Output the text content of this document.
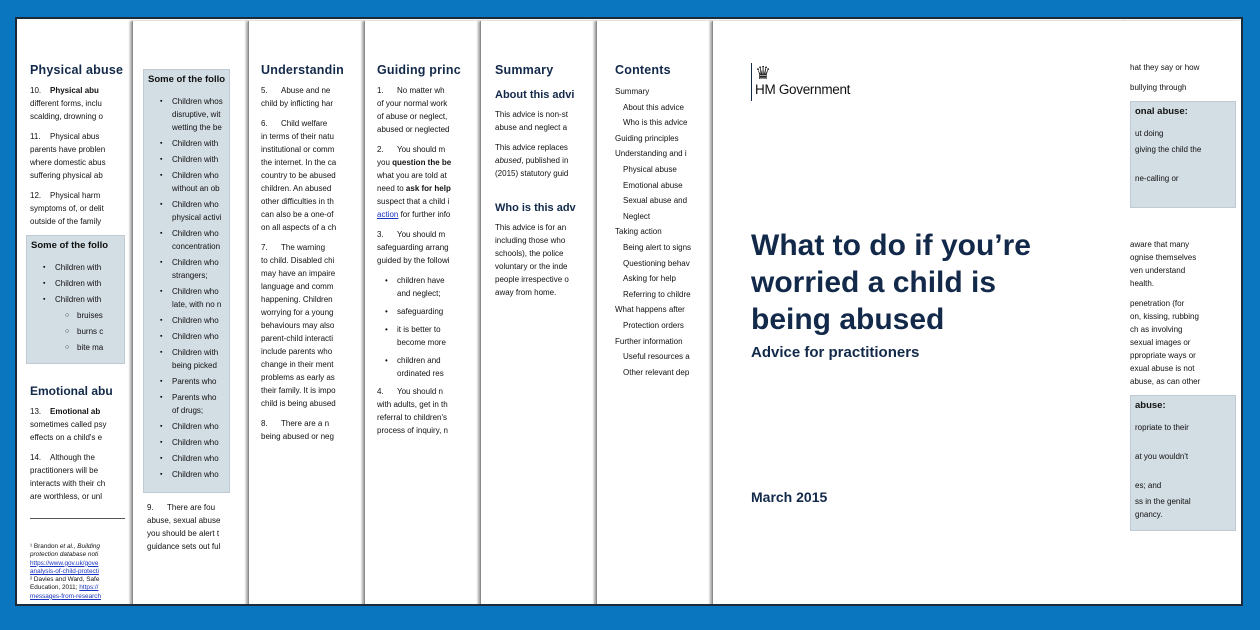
hat they say or how
bullying through
onal abuse:
ut doing
giving the child the

ne-calling or

aware that many
ognise themselves
ven understand
health.
penetration (for
on, kissing, rubbing
ch as involving
sexual images or
ppropriate ways or
exual abuse is not
abuse, as can other
abuse:
ropriate to their

at you wouldn't

es; and
ss in the genital
gnancy.
Physical abuse
10. Physical abu
different forms, inclu
scalding, drowning o
11. Physical abus
parents have problen
where domestic abus
suffering physical ab
12. Physical harm
symptoms of, or delit
outside of the family
Some of the follo
▪ Children with
▪ Children with
▪ Children with
○ bruises
○ burns c
○ bite ma
Emotional abu
13. Emotional ab
sometimes called psy
effects on a child's e
14. Although the
practitioners will be
interacts with their ch
are worthless, or unl
¹ Brandon et al., Building
protection database noti
https://www.gov.uk/gove
analysis-of-child-protecti
² Davies and Ward, Safe
Education, 2011; https://
messages-from-research
Some of the follo
▪ Children whos
disruptive, wit
wetting the be
▪ Children with
▪ Children with
▪ Children who
without an ob
▪ Children who
physical activi
▪ Children who
concentration
▪ Children who
strangers;
▪ Children who
late, with no n
▪ Children who
▪ Children who
▪ Children with
being picked
▪ Parents who
▪ Parents who
of drugs;
▪ Children who
▪ Children who
▪ Children who
▪ Children who
9. There are fou
abuse, sexual abuse
you should be alert t
guidance sets out ful
Understandin
5. Abuse and ne
child by inflicting har
6. Child welfare
in terms of their natu
institutional or comm
the internet. In the ca
country to be abused
children. An abused
other difficulties in th
can also be a one-of
on all aspects of a ch
7. The warning
to child. Disabled chi
may have an impaire
language and comm
happening. Children
worrying for a young
behaviours may also
parent-child interacti
include parents who
change in their ment
problems as early as
their family. It is impo
child is being abused
8. There are a n
being abused or neg
Guiding princ
1. No matter wh
of your normal work
of abuse or neglect,
abused or neglected
2. You should m
you question the be
what you are told at
need to ask for help
suspect that a child i
action for further info
3. You should m
safeguarding arrang
guided by the followi
• children have
and neglect;
• safeguarding
• it is better to
become more
• children and
ordinated res
4. You should n
with adults, get in th
referral to children's
process of inquiry, n
Summary
About this advi
This advice is non-st
abuse and neglect a
This advice replaces
abused, published in
(2015) statutory guid
Who is this adv
This advice is for an
including those who
schools), the police
voluntary or the inde
people irrespective o
away from home.
Contents
Summary
About this advice
Who is this advice
Guiding principles
Understanding and i
Physical abuse
Emotional abuse
Sexual abuse and
Neglect
Taking action
Being alert to signs
Questioning behav
Asking for help
Referring to childre
What happens after
Protection orders
Further information
Useful resources a
Other relevant dep
♛
HM Government
What to do if you’re
worried a child is
being abused
Advice for practitioners
March 2015
